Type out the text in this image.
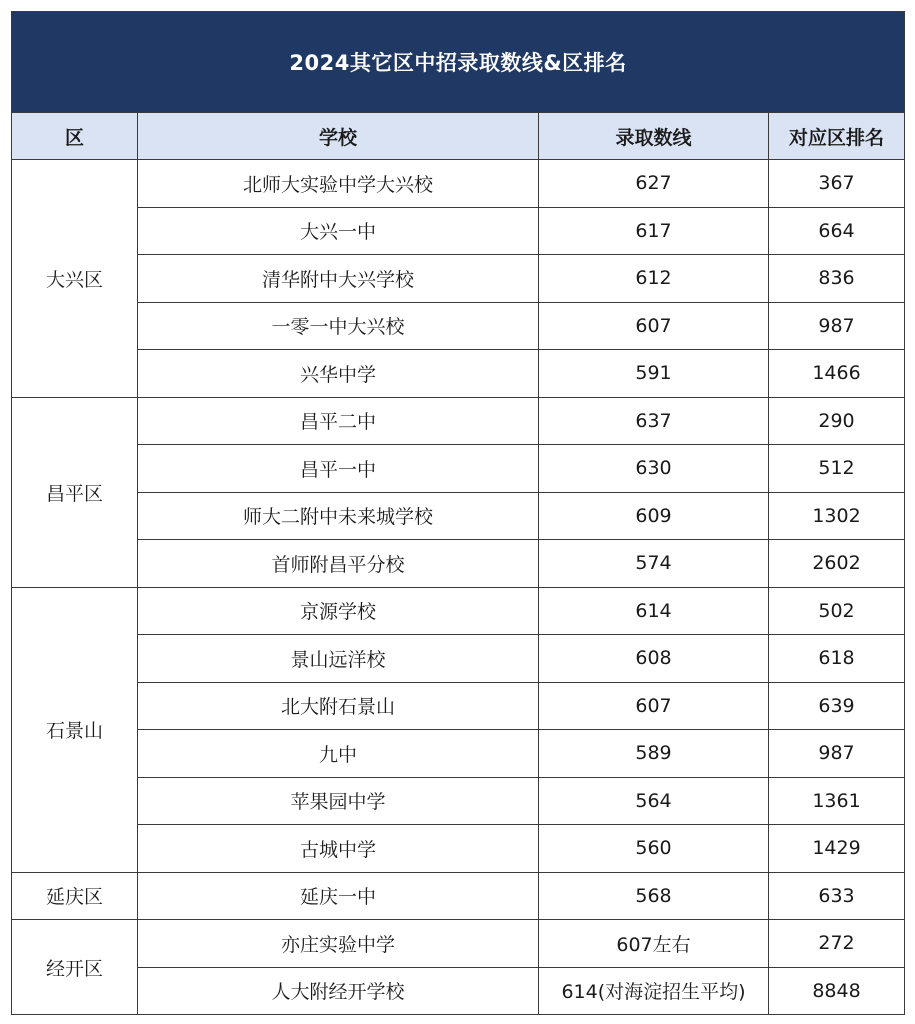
2024其它区中招录取数线&区排名			
区	学校	录取数线	对应区排名
大兴区	北师大实验中学大兴校	627	367
	大兴一中	617	664
	清华附中大兴学校	612	836
	一零一中大兴校	607	987
	兴华中学	591	1466
昌平区	昌平二中	637	290
	昌平一中	630	512
	师大二附中未来城学校	609	1302
	首师附昌平分校	574	2602
石景山	京源学校	614	502
	景山远洋校	608	618
	北大附石景山	607	639
	九中	589	987
	苹果园中学	564	1361
	古城中学	560	1429
延庆区	延庆一中	568	633
经开区	亦庄实验中学	607左右	272
	人大附经开学校	614(对海淀招生平均)	8848
